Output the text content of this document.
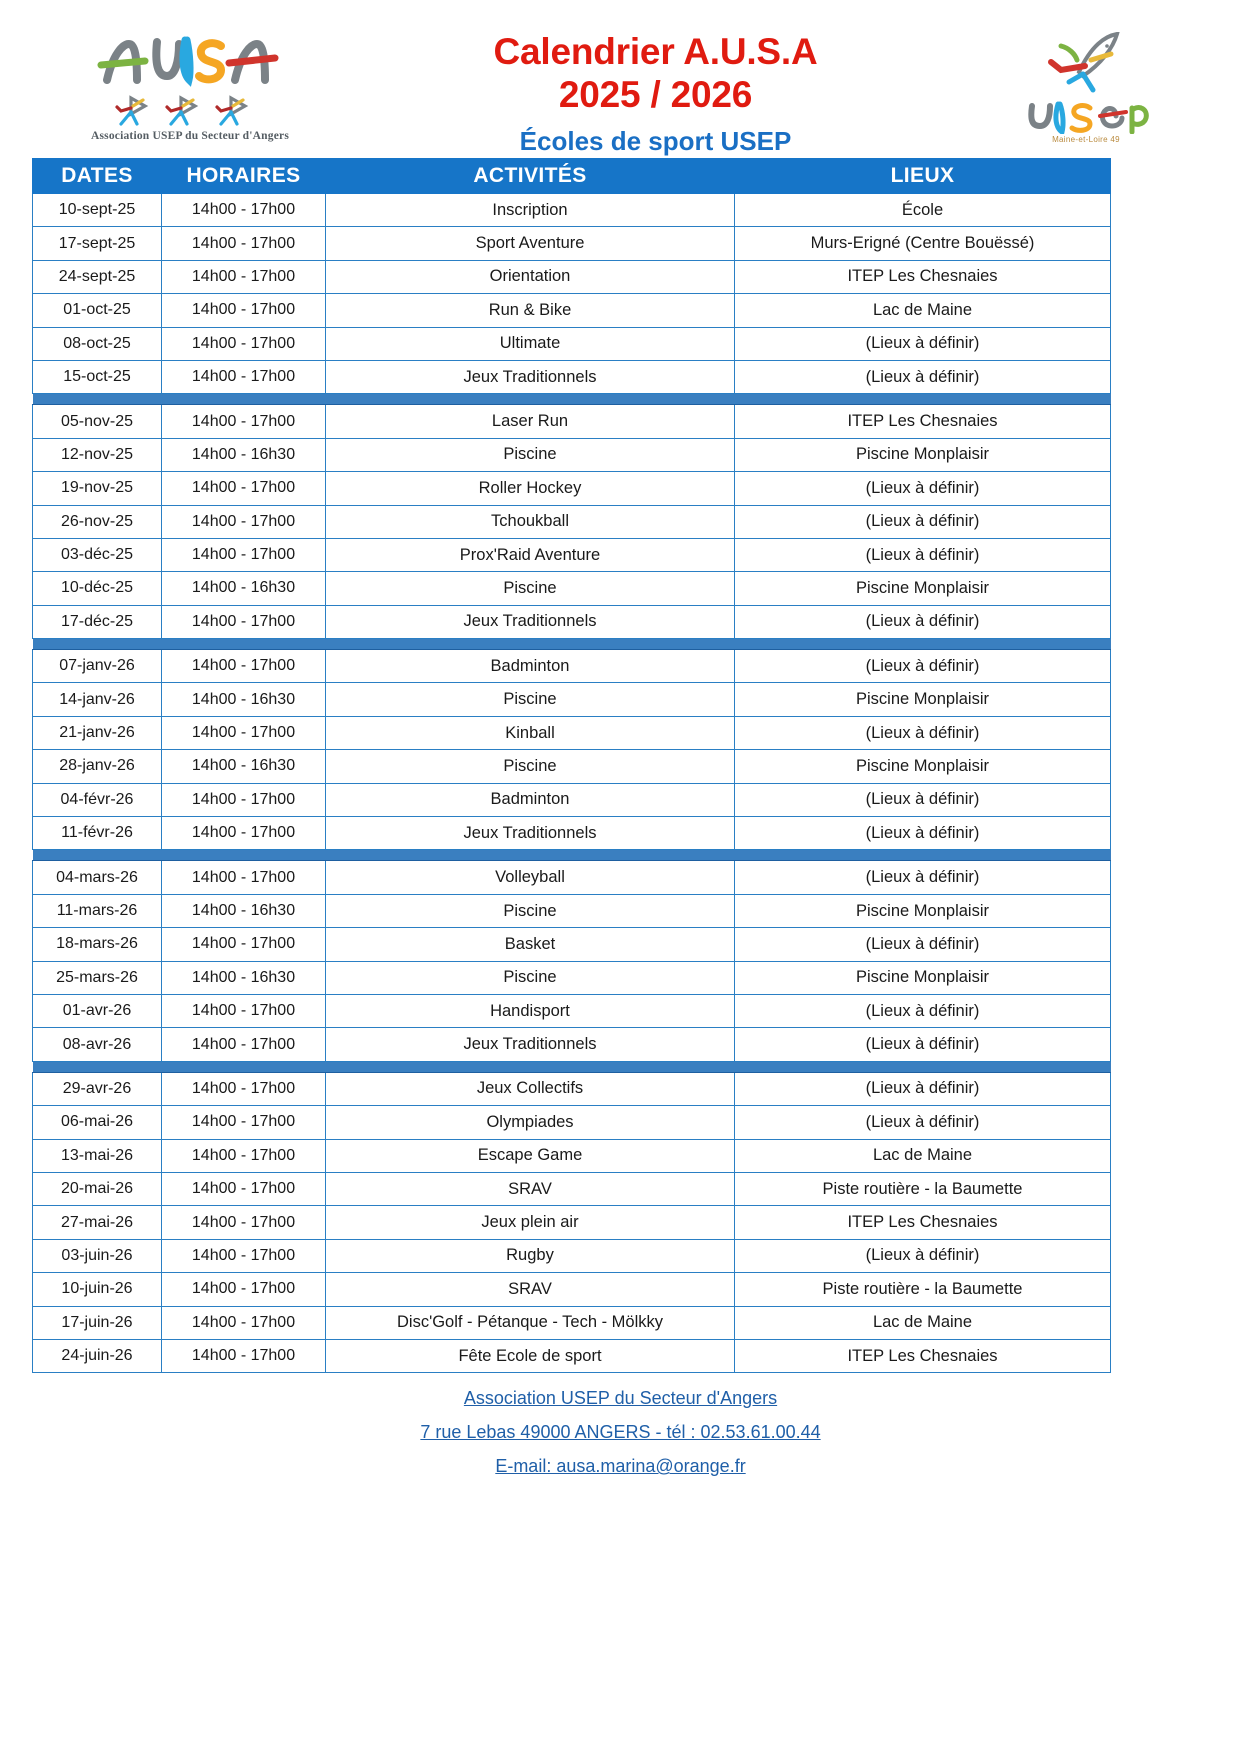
Association USEP du Secteur d'Angers
Calendrier A.U.S.A
2025 / 2026
Écoles de sport USEP	Maine-et-Loire 49
DATES	HORAIRES	ACTIVITÉS	LIEUX
10-sept-25	14h00 - 17h00	Inscription	École
17-sept-25	14h00 - 17h00	Sport Aventure	Murs-Erigné (Centre Bouëssé)
24-sept-25	14h00 - 17h00	Orientation	ITEP Les Chesnaies
01-oct-25	14h00 - 17h00	Run & Bike	Lac de Maine
08-oct-25	14h00 - 17h00	Ultimate	(Lieux à définir)
15-oct-25	14h00 - 17h00	Jeux Traditionnels	(Lieux à définir)

05-nov-25	14h00 - 17h00	Laser Run	ITEP Les Chesnaies
12-nov-25	14h00 - 16h30	Piscine	Piscine Monplaisir
19-nov-25	14h00 - 17h00	Roller Hockey	(Lieux à définir)
26-nov-25	14h00 - 17h00	Tchoukball	(Lieux à définir)
03-déc-25	14h00 - 17h00	Prox'Raid Aventure	(Lieux à définir)
10-déc-25	14h00 - 16h30	Piscine	Piscine Monplaisir
17-déc-25	14h00 - 17h00	Jeux Traditionnels	(Lieux à définir)

07-janv-26	14h00 - 17h00	Badminton	(Lieux à définir)
14-janv-26	14h00 - 16h30	Piscine	Piscine Monplaisir
21-janv-26	14h00 - 17h00	Kinball	(Lieux à définir)
28-janv-26	14h00 - 16h30	Piscine	Piscine Monplaisir
04-févr-26	14h00 - 17h00	Badminton	(Lieux à définir)
11-févr-26	14h00 - 17h00	Jeux Traditionnels	(Lieux à définir)

04-mars-26	14h00 - 17h00	Volleyball	(Lieux à définir)
11-mars-26	14h00 - 16h30	Piscine	Piscine Monplaisir
18-mars-26	14h00 - 17h00	Basket	(Lieux à définir)
25-mars-26	14h00 - 16h30	Piscine	Piscine Monplaisir
01-avr-26	14h00 - 17h00	Handisport	(Lieux à définir)
08-avr-26	14h00 - 17h00	Jeux Traditionnels	(Lieux à définir)

29-avr-26	14h00 - 17h00	Jeux Collectifs	(Lieux à définir)
06-mai-26	14h00 - 17h00	Olympiades	(Lieux à définir)
13-mai-26	14h00 - 17h00	Escape Game	Lac de Maine
20-mai-26	14h00 - 17h00	SRAV	Piste routière - la Baumette
27-mai-26	14h00 - 17h00	Jeux plein air	ITEP Les Chesnaies
03-juin-26	14h00 - 17h00	Rugby	(Lieux à définir)
10-juin-26	14h00 - 17h00	SRAV	Piste routière - la Baumette
17-juin-26	14h00 - 17h00	Disc'Golf - Pétanque - Tech - Mölkky	Lac de Maine
24-juin-26	14h00 - 17h00	Fête Ecole de sport	ITEP Les Chesnaies
Association USEP du Secteur d'Angers
7 rue Lebas 49000 ANGERS - tél : 02.53.61.00.44
E-mail: ausa.marina@orange.fr
